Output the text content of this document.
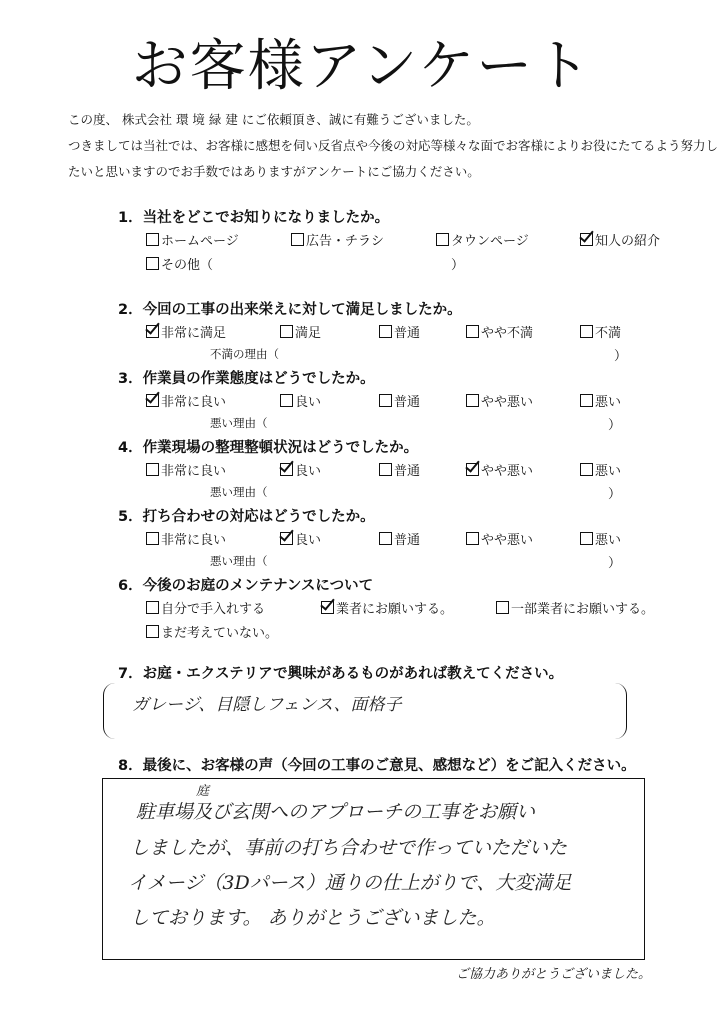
お客様アンケート
この度、 株式会社 環 境 緑 建 にご依頼頂き、誠に有難うございました。
つきましては当社では、お客様に感想を伺い反省点や今後の対応等様々な面でお客様によりお役にたてるよう努力し
たいと思いますのでお手数ではありますがアンケートにご協力ください。
1．当社をどこでお知りになりましたか。
ホームページ	広告・チラシ	タウンページ	知人の紹介
その他（	）
2．今回の工事の出来栄えに対して満足しましたか。
非常に満足	満足	普通	やや不満	不満
不満の理由（	）
3．作業員の作業態度はどうでしたか。
非常に良い	良い	普通	やや悪い	悪い
悪い理由（	）
4．作業現場の整理整頓状況はどうでしたか。
非常に良い	良い	普通	やや悪い	悪い
悪い理由（	）
5．打ち合わせの対応はどうでしたか。
非常に良い	良い	普通	やや悪い	悪い
悪い理由（	）
6．今後のお庭のメンテナンスについて
自分で手入れする	業者にお願いする。	一部業者にお願いする。
まだ考えていない。
7．お庭・エクステリアで興味があるものがあれば教えてください。
ガレージ、目隠しフェンス、面格子
8．最後に、お客様の声（今回の工事のご意見、感想など）をご記入ください。
庭
駐車場及び玄関へのアプローチの工事をお願い
しましたが、事前の打ち合わせで作っていただいた
イメージ（3Dパース）通りの仕上がりで、大変満足
しております。 ありがとうございました。
ご協力ありがとうございました。
